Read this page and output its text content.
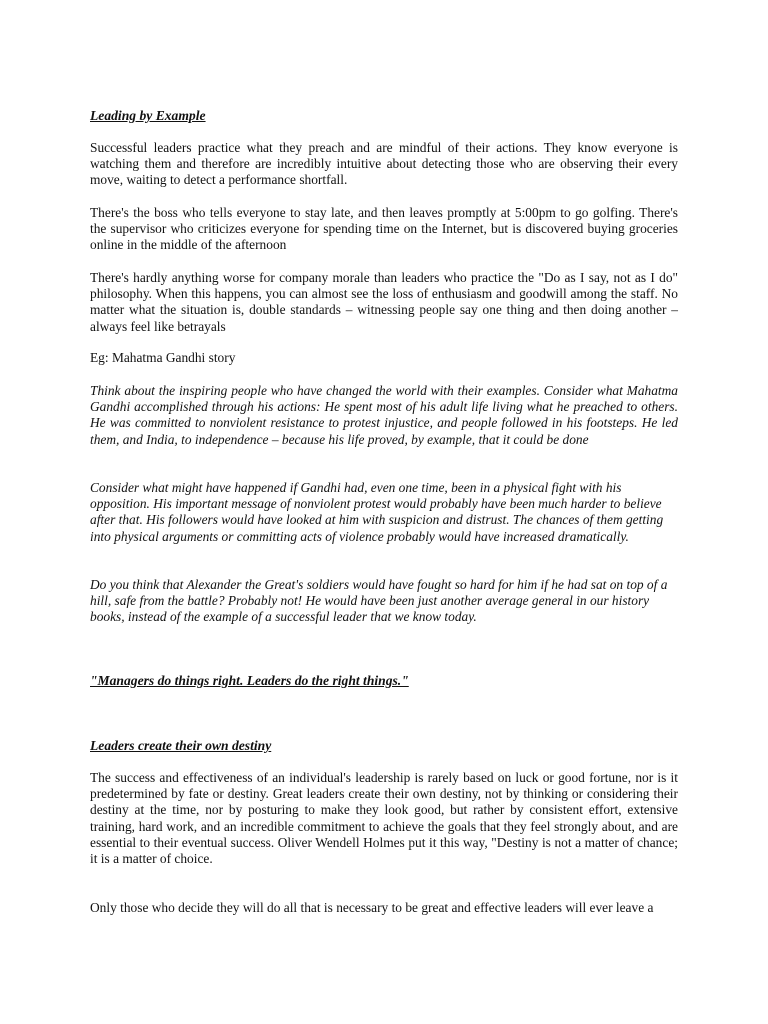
Leading by Example

Successful leaders practice what they preach and are mindful of their actions. They know everyone is watching them and therefore are incredibly intuitive about detecting those who are observing their every move, waiting to detect a performance shortfall.

There's the boss who tells everyone to stay late, and then leaves promptly at 5:00pm to go golfing. There's the supervisor who criticizes everyone for spending time on the Internet, but is discovered buying groceries online in the middle of the afternoon

There's hardly anything worse for company morale than leaders who practice the "Do as I say, not as I do" philosophy. When this happens, you can almost see the loss of enthusiasm and goodwill among the staff. No matter what the situation is, double standards – witnessing people say one thing and then doing another – always feel like betrayals

Eg: Mahatma Gandhi story

Think about the inspiring people who have changed the world with their examples. Consider what Mahatma Gandhi accomplished through his actions: He spent most of his adult life living what he preached to others. He was committed to nonviolent resistance to protest injustice, and people followed in his footsteps. He led them, and India, to independence – because his life proved, by example, that it could be done

Consider what might have happened if Gandhi had, even one time, been in a physical fight with his opposition. His important message of nonviolent protest would probably have been much harder to believe after that. His followers would have looked at him with suspicion and distrust. The chances of them getting into physical arguments or committing acts of violence probably would have increased dramatically.

Do you think that Alexander the Great's soldiers would have fought so hard for him if he had sat on top of a hill, safe from the battle? Probably not! He would have been just another average general in our history books, instead of the example of a successful leader that we know today.

"Managers do things right. Leaders do the right things."
Leaders create their own destiny

The success and effectiveness of an individual's leadership is rarely based on luck or good fortune, nor is it predetermined by fate or destiny. Great leaders create their own destiny, not by thinking or considering their destiny at the time, nor by posturing to make they look good, but rather by consistent effort, extensive training, hard work, and an incredible commitment to achieve the goals that they feel strongly about, and are essential to their eventual success. Oliver Wendell Holmes put it this way, "Destiny is not a matter of chance; it is a matter of choice.

Only those who decide they will do all that is necessary to be great and effective leaders will ever leave a
